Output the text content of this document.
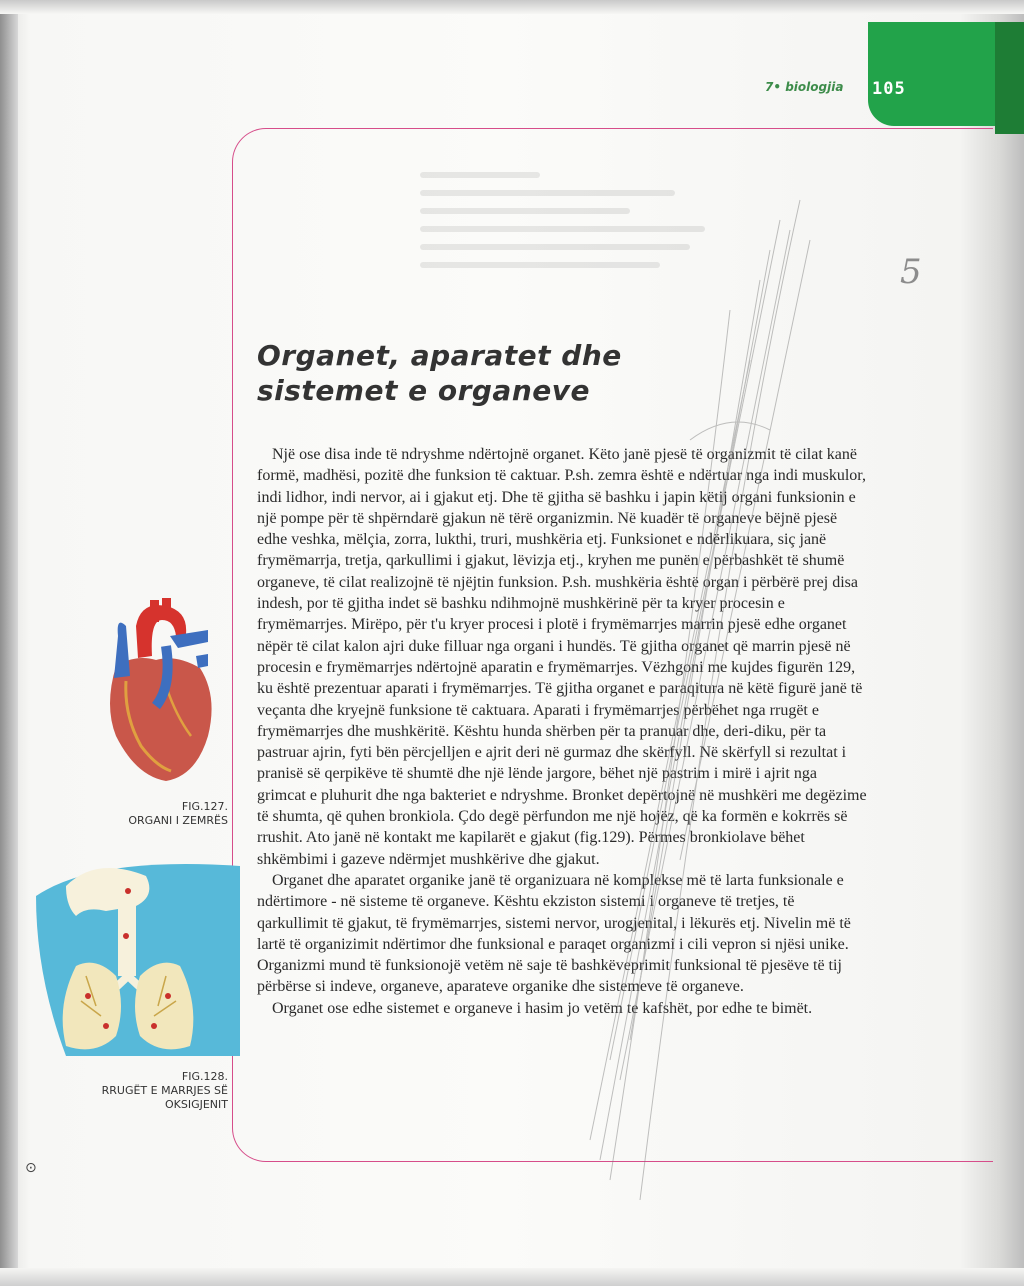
7• biologjia 105
Organet, aparatet dhe
sistemet e organeve

Një ose disa inde të ndryshme ndërtojnë organet. Këto janë pjesë të organizmit të cilat kanë formë, madhësi, pozitë dhe funksion të caktuar. P.sh. zemra është e ndërtuar nga indi muskulor, indi lidhor, indi nervor, ai i gjakut etj. Dhe të gjitha së bashku i japin këtij organi funksionin e një pompe për të shpërndarë gjakun në tërë organizmin. Në kuadër të organeve bëjnë pjesë edhe veshka, mëlçia, zorra, lukthi, truri, mushkëria etj. Funksionet e ndërlikuara, siç janë frymëmarrja, tretja, qarkullimi i gjakut, lëvizja etj., kryhen me punën e përbashkët të shumë organeve, të cilat realizojnë të njëjtin funksion. P.sh. mushkëria është organ i përbërë prej disa indesh, por të gjitha indet së bashku ndihmojnë mushkërinë për ta kryer procesin e frymëmarrjes. Mirëpo, për t'u kryer procesi i plotë i frymëmarrjes marrin pjesë edhe organet nëpër të cilat kalon ajri duke filluar nga organi i hundës. Të gjitha organet që marrin pjesë në procesin e frymëmarrjes ndërtojnë aparatin e frymëmarrjes. Vëzhgoni me kujdes figurën 129, ku është prezentuar aparati i frymëmarrjes. Të gjitha organet e paraqitura në këtë figurë janë të veçanta dhe kryejnë funksione të caktuara. Aparati i frymëmarrjes përbëhet nga rrugët e frymëmarrjes dhe mushkëritë. Kështu hunda shërben për ta pranuar dhe, deri-diku, për ta pastruar ajrin, fyti bën përcjelljen e ajrit deri në gurmaz dhe skërfyll. Në skërfyll si rezultat i pranisë së qerpikëve të shumtë dhe një lënde jargore, bëhet një pastrim i mirë i ajrit nga grimcat e pluhurit dhe nga bakteriet e ndryshme. Bronket depërtojnë në mushkëri me degëzime të shumta, që quhen bronkiola. Çdo degë përfundon me një hojëz, që ka formën e kokrrës së rrushit. Ato janë në kontakt me kapilarët e gjakut (fig.129). Përmes bronkiolave bëhet shkëmbimi i gazeve ndërmjet mushkërive dhe gjakut.

Organet dhe aparatet organike janë të organizuara në komplekse më të larta funksionale e ndërtimore - në sisteme të organeve. Kështu ekziston sistemi i organeve të tretjes, të qarkullimit të gjakut, të frymëmarrjes, sistemi nervor, urogjenital, i lëkurës etj. Nivelin më të lartë të organizimit ndërtimor dhe funksional e paraqet organizmi i cili vepron si njësi unike. Organizmi mund të funksionojë vetëm në saje të bashkëveprimit funksional të pjesëve të tij përbërse si indeve, organeve, aparateve organike dhe sistemeve të organeve.

Organet ose edhe sistemet e organeve i hasim jo vetëm te kafshët, por edhe te bimët.

FIG.127.
ORGANI I ZEMRËS
FIG.128.
RRUGËT E MARRJES SË
OKSIGJENIT
⊙
5
